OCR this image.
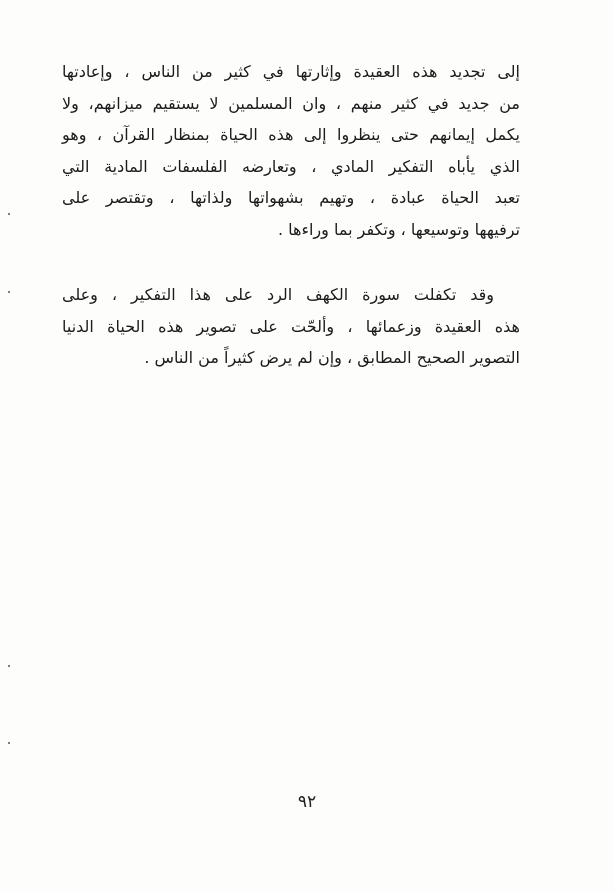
إلى تجديد هذه العقيدة وإثارتها في كثير من الناس ، وإعادتها
من جديد في كثير منهم ، وان المسلمين لا يستقيم ميزانهم، ولا
يكمل إيمانهم حتى ينظروا إلى هذه الحياة بمنظار القرآن ، وهو
الذي يأباه التفكير المادي ، وتعارضه الفلسفات المادية التي
تعبد الحياة عبادة ، وتهيم بشهواتها ولذاتها ، وتقتصر على
ترفيهها وتوسيعها ، وتكفر بما وراءها .
وقد تكفلت سورة الكهف الرد على هذا التفكير ، وعلى
هذه العقيدة وزعمائها ، وألحّت على تصوير هذه الحياة الدنيا
التصوير الصحيح المطابق ، وإن لم يرض كثيراً من الناس .
٩٢
